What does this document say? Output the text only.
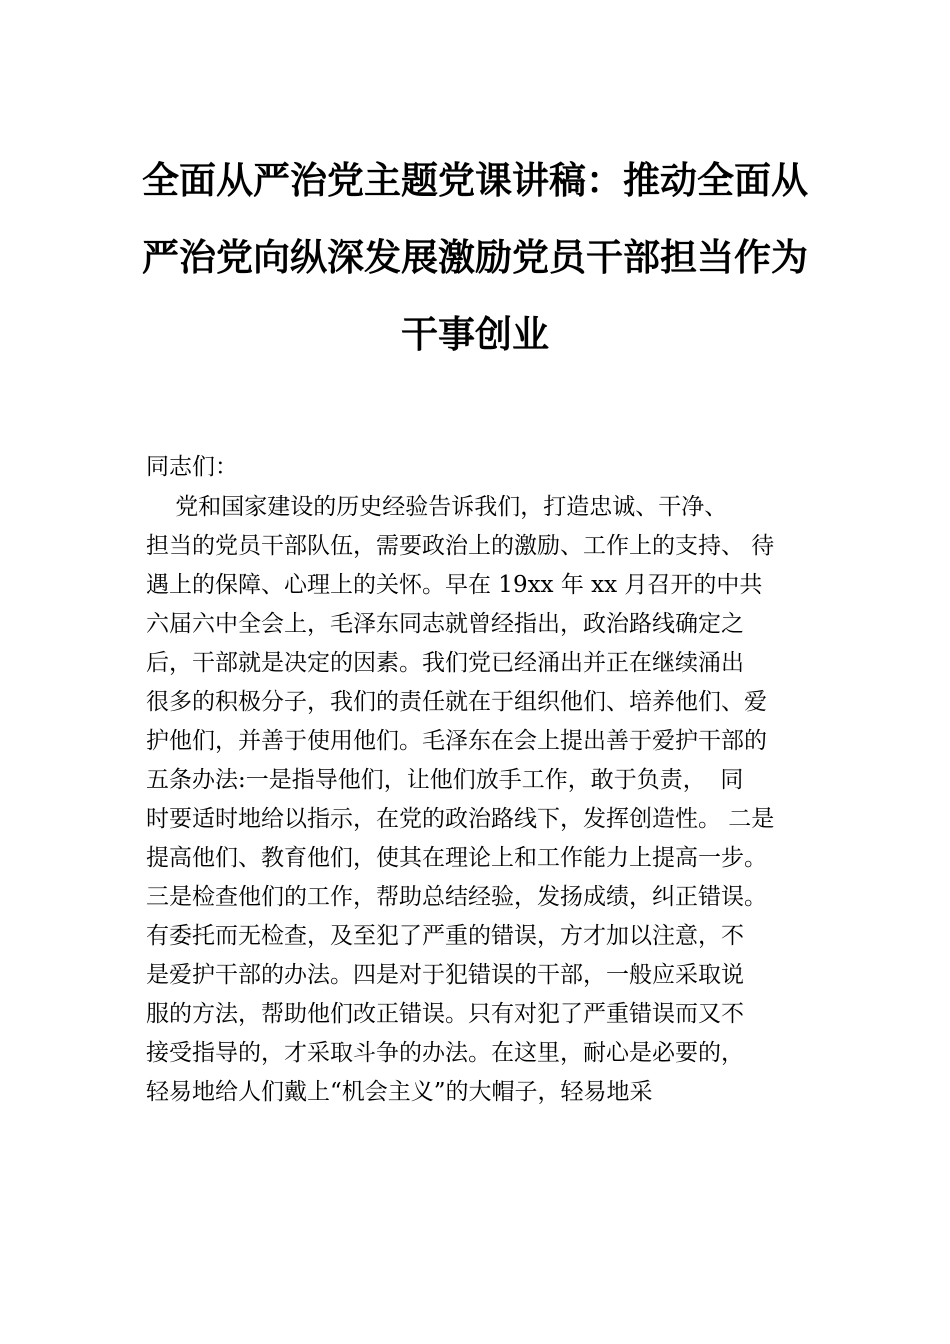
全面从严治党主题党课讲稿：推动全面从
严治党向纵深发展激励党员干部担当作为
干事创业
同志们：
党和国家建设的历史经验告诉我们，打造忠诚、干净、
担当的党员干部队伍，需要政治上的激励、工作上的支持、 待
遇上的保障、心理上的关怀。早在 19xx 年 xx 月召开的中共
六届六中全会上，毛泽东同志就曾经指出，政治路线确定之
后，干部就是决定的因素。我们党已经涌出并正在继续涌出
很多的积极分子，我们的责任就在于组织他们、培养他们、爱
护他们，并善于使用他们。毛泽东在会上提出善于爱护干部的
五条办法:一是指导他们，让他们放手工作，敢于负责，  同
时要适时地给以指示，在党的政治路线下，发挥创造性。 二是
提高他们、教育他们，使其在理论上和工作能力上提高一步。
三是检查他们的工作，帮助总结经验，发扬成绩，纠正错误。
有委托而无检查，及至犯了严重的错误，方才加以注意，不
是爱护干部的办法。四是对于犯错误的干部，一般应采取说
服的方法，帮助他们改正错误。只有对犯了严重错误而又不
接受指导的，才采取斗争的办法。在这里，耐心是必要的，
轻易地给人们戴上“机会主义”的大帽子，轻易地采
